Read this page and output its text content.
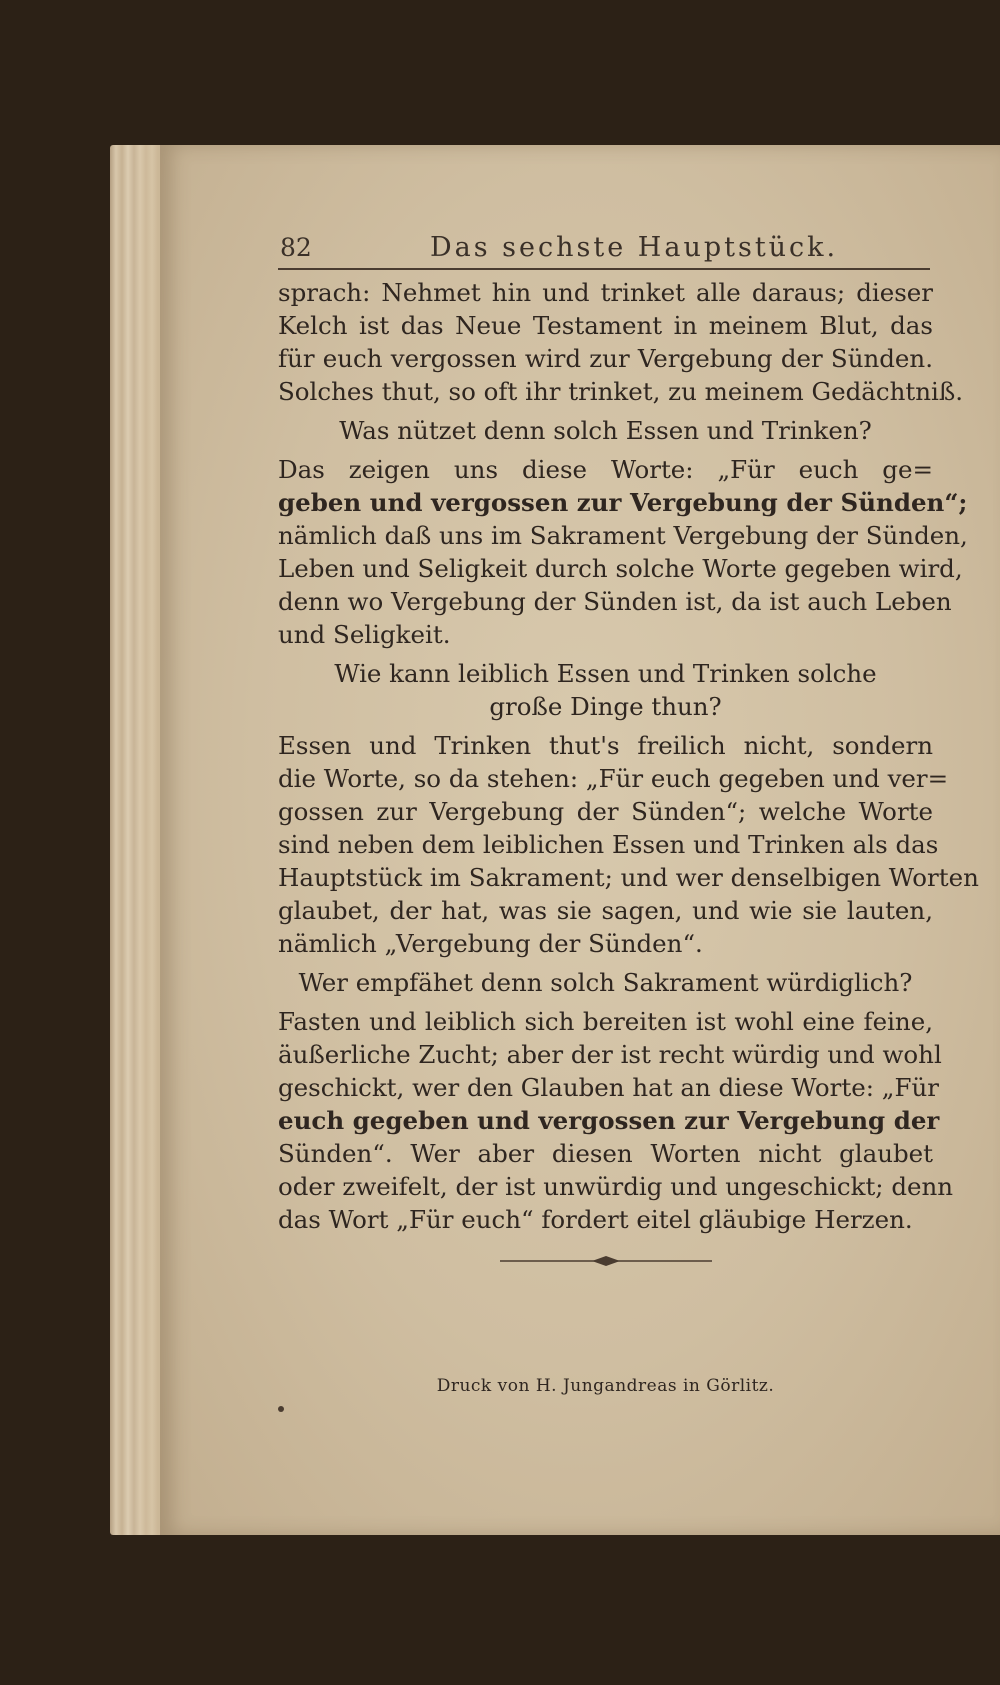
82	Das sechste Hauptstück.
sprach: Nehmet hin und trinket alle daraus; dieser
Kelch ist das Neue Testament in meinem Blut, das
für euch vergossen wird zur Vergebung der Sünden.
Solches thut, so oft ihr trinket, zu meinem Gedächtniß.
Was nützet denn solch Essen und Trinken?
Das zeigen uns diese Worte: „Für euch ge=
geben und vergossen zur Vergebung der Sünden“;
nämlich daß uns im Sakrament Vergebung der Sünden,
Leben und Seligkeit durch solche Worte gegeben wird,
denn wo Vergebung der Sünden ist, da ist auch Leben
und Seligkeit.
Wie kann leiblich Essen und Trinken solche
große Dinge thun?
Essen und Trinken thut's freilich nicht, sondern
die Worte, so da stehen: „Für euch gegeben und ver=
gossen zur Vergebung der Sünden“; welche Worte
sind neben dem leiblichen Essen und Trinken als das
Hauptstück im Sakrament; und wer denselbigen Worten
glaubet, der hat, was sie sagen, und wie sie lauten,
nämlich „Vergebung der Sünden“.
Wer empfähet denn solch Sakrament würdiglich?
Fasten und leiblich sich bereiten ist wohl eine feine,
äußerliche Zucht; aber der ist recht würdig und wohl
geschickt, wer den Glauben hat an diese Worte: „Für
euch gegeben und vergossen zur Vergebung der
Sünden“. Wer aber diesen Worten nicht glaubet
oder zweifelt, der ist unwürdig und ungeschickt; denn
das Wort „Für euch“ fordert eitel gläubige Herzen.
Druck von H. Jungandreas in Görlitz.
